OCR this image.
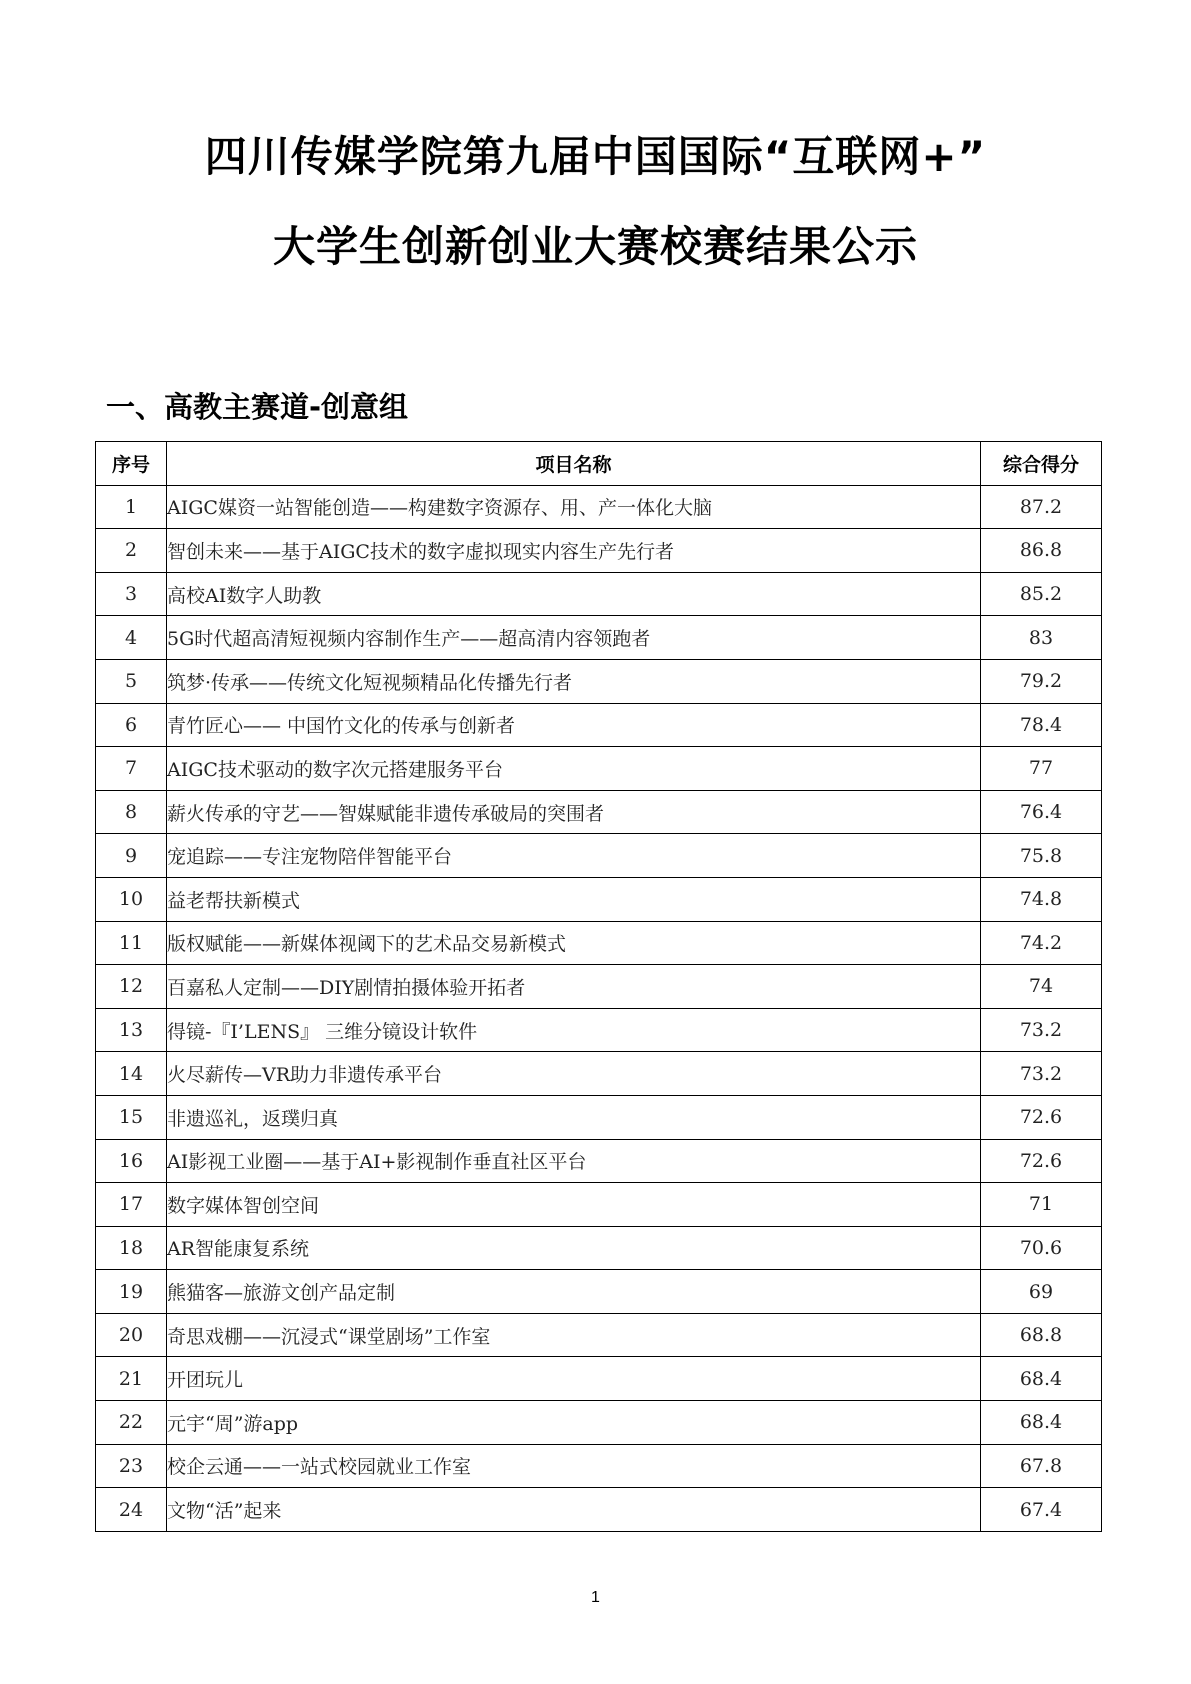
四川传媒学院第九届中国国际“互联网+”
大学生创新创业大赛校赛结果公示
一、高教主赛道-创意组
序号	项目名称	综合得分
1	AIGC媒资一站智能创造——构建数字资源存、用、产一体化大脑	87.2
2	智创未来——基于AIGC技术的数字虚拟现实内容生产先行者	86.8
3	高校AI数字人助教	85.2
4	5G时代超高清短视频内容制作生产——超高清内容领跑者	83
5	筑梦·传承——传统文化短视频精品化传播先行者	79.2
6	青竹匠心—— 中国竹文化的传承与创新者	78.4
7	AIGC技术驱动的数字次元搭建服务平台	77
8	薪火传承的守艺——智媒赋能非遗传承破局的突围者	76.4
9	宠追踪——专注宠物陪伴智能平台	75.8
10	益老帮扶新模式	74.8
11	版权赋能——新媒体视阈下的艺术品交易新模式	74.2
12	百嘉私人定制——DIY剧情拍摄体验开拓者	74
13	得镜-『I’LENS』 三维分镜设计软件	73.2
14	火尽薪传—VR助力非遗传承平台	73.2
15	非遗巡礼，返璞归真	72.6
16	AI影视工业圈——基于AI+影视制作垂直社区平台	72.6
17	数字媒体智创空间	71
18	AR智能康复系统	70.6
19	熊猫客—旅游文创产品定制	69
20	奇思戏棚——沉浸式“课堂剧场”工作室	68.8
21	开团玩儿	68.4
22	元宇“周”游app	68.4
23	校企云通——一站式校园就业工作室	67.8
24	文物“活”起来	67.4
1
